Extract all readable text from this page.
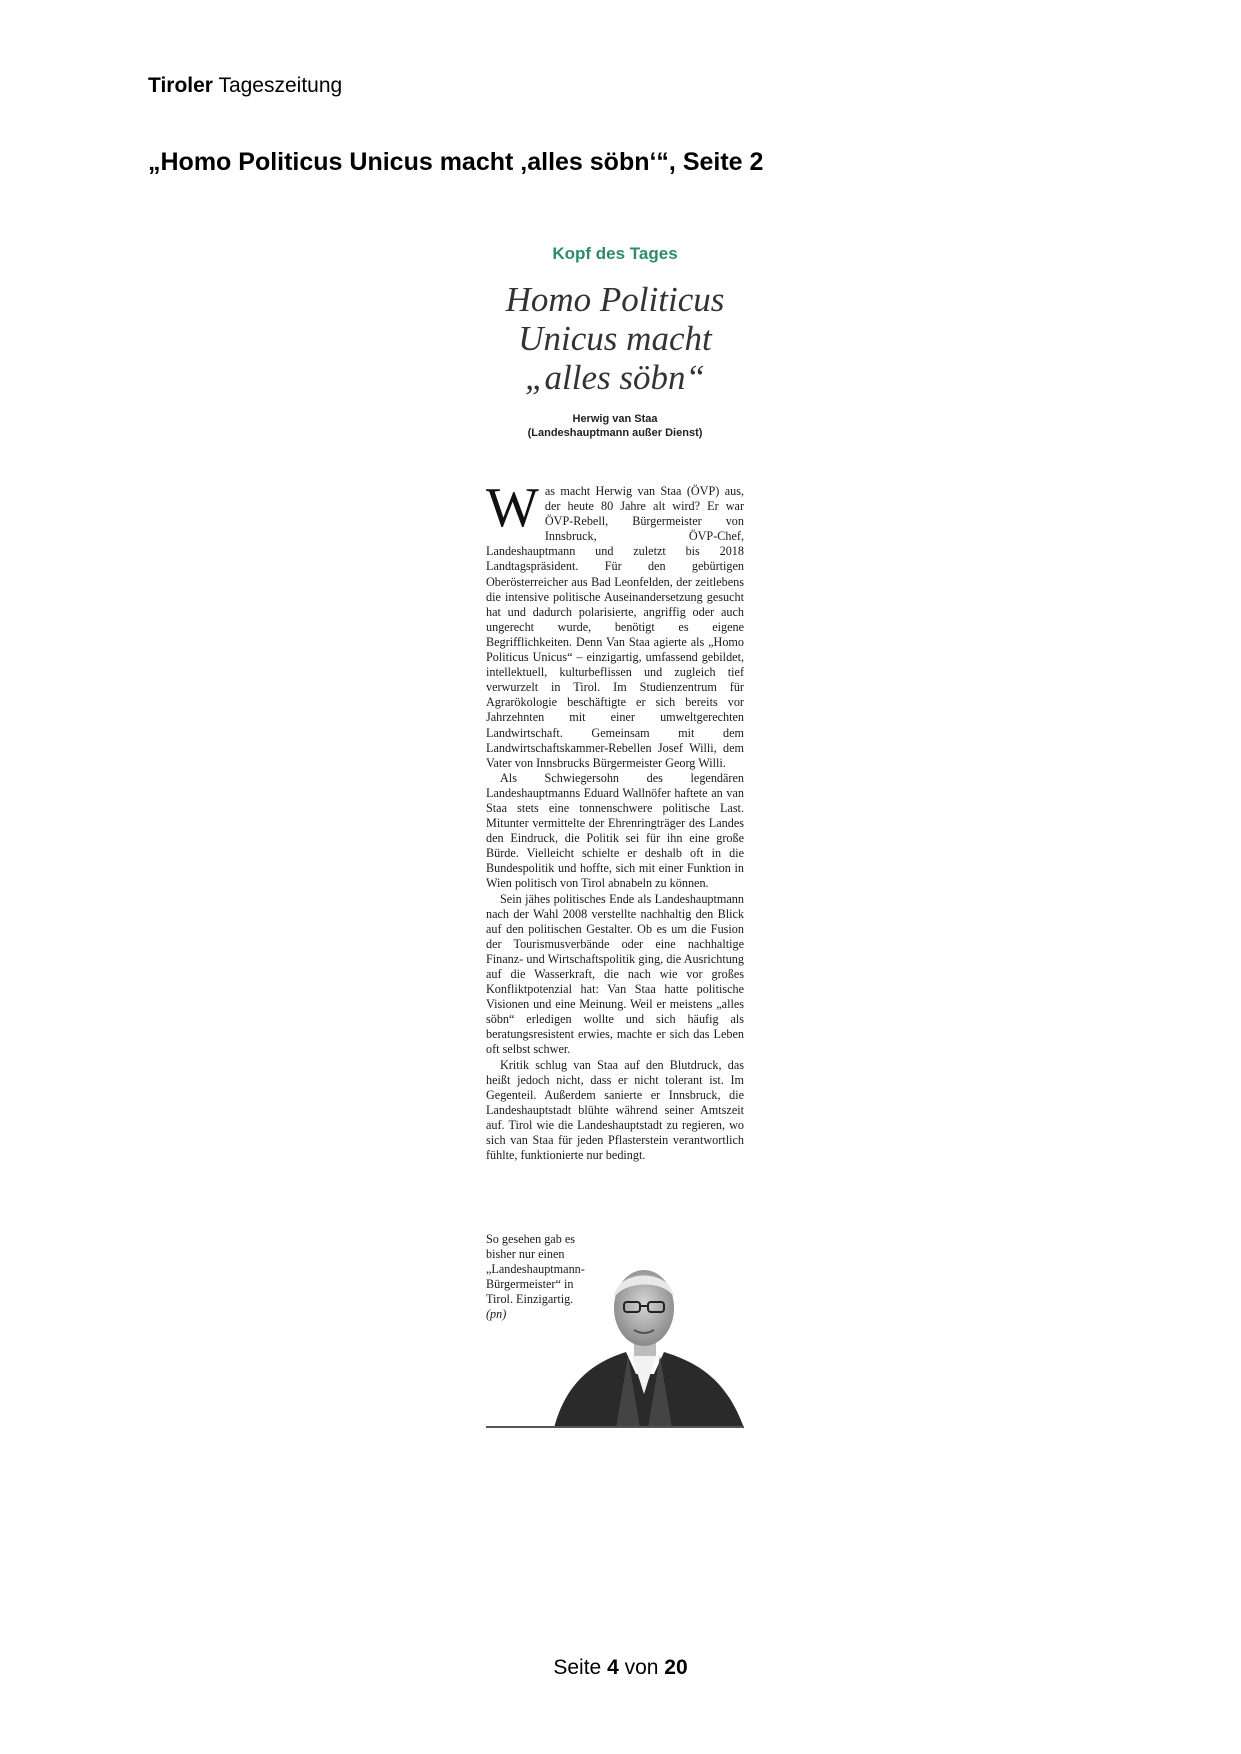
Tiroler Tageszeitung
„Homo Politicus Unicus macht ‚alles söbn‘“, Seite 2
Kopf des Tages
Homo Politicus Unicus macht „alles söbn“
Herwig van Staa
(Landeshauptmann außer Dienst)

Was macht Herwig van Staa (ÖVP) aus, der heute 80 Jahre alt wird? Er war ÖVP-Rebell, Bürgermeister von Innsbruck, ÖVP-Chef, Landeshauptmann und zuletzt bis 2018 Landtagspräsident. Für den gebürtigen Oberösterreicher aus Bad Leonfelden, der zeitlebens die intensive politische Auseinandersetzung gesucht hat und dadurch polarisierte, angriffig oder auch ungerecht wurde, benötigt es eigene Begrifflichkeiten. Denn Van Staa agierte als „Homo Politicus Unicus“ – einzigartig, umfassend gebildet, intellektuell, kulturbeflissen und zugleich tief verwurzelt in Tirol. Im Studienzentrum für Agrarökologie beschäftigte er sich bereits vor Jahrzehnten mit einer umweltgerechten Landwirtschaft. Gemeinsam mit dem Landwirtschaftskammer-Rebellen Josef Willi, dem Vater von Innsbrucks Bürgermeister Georg Willi.

Als Schwiegersohn des legendären Landeshauptmanns Eduard Wallnöfer haftete an van Staa stets eine tonnenschwere politische Last. Mitunter vermittelte der Ehrenringträger des Landes den Eindruck, die Politik sei für ihn eine große Bürde. Vielleicht schielte er deshalb oft in die Bundespolitik und hoffte, sich mit einer Funktion in Wien politisch von Tirol abnabeln zu können.

Sein jähes politisches Ende als Landeshauptmann nach der Wahl 2008 verstellte nachhaltig den Blick auf den politischen Gestalter. Ob es um die Fusion der Tourismusverbände oder eine nachhaltige Finanz- und Wirtschaftspolitik ging, die Ausrichtung auf die Wasserkraft, die nach wie vor großes Konfliktpotenzial hat: Van Staa hatte politische Visionen und eine Meinung. Weil er meistens „alles söbn“ erledigen wollte und sich häufig als beratungsresistent erwies, machte er sich das Leben oft selbst schwer.

Kritik schlug van Staa auf den Blutdruck, das heißt jedoch nicht, dass er nicht tolerant ist. Im Gegenteil. Außerdem sanierte er Innsbruck, die Landeshauptstadt blühte während seiner Amtszeit auf. Tirol wie die Landeshauptstadt zu regieren, wo sich van Staa für jeden Pflasterstein verantwortlich fühlte, funktionierte nur bedingt.

So gesehen gab es bisher nur einen „Landeshauptmann-Bürgermeister“ in Tirol. Einzigartig. (pn)
Seite 4 von 20
